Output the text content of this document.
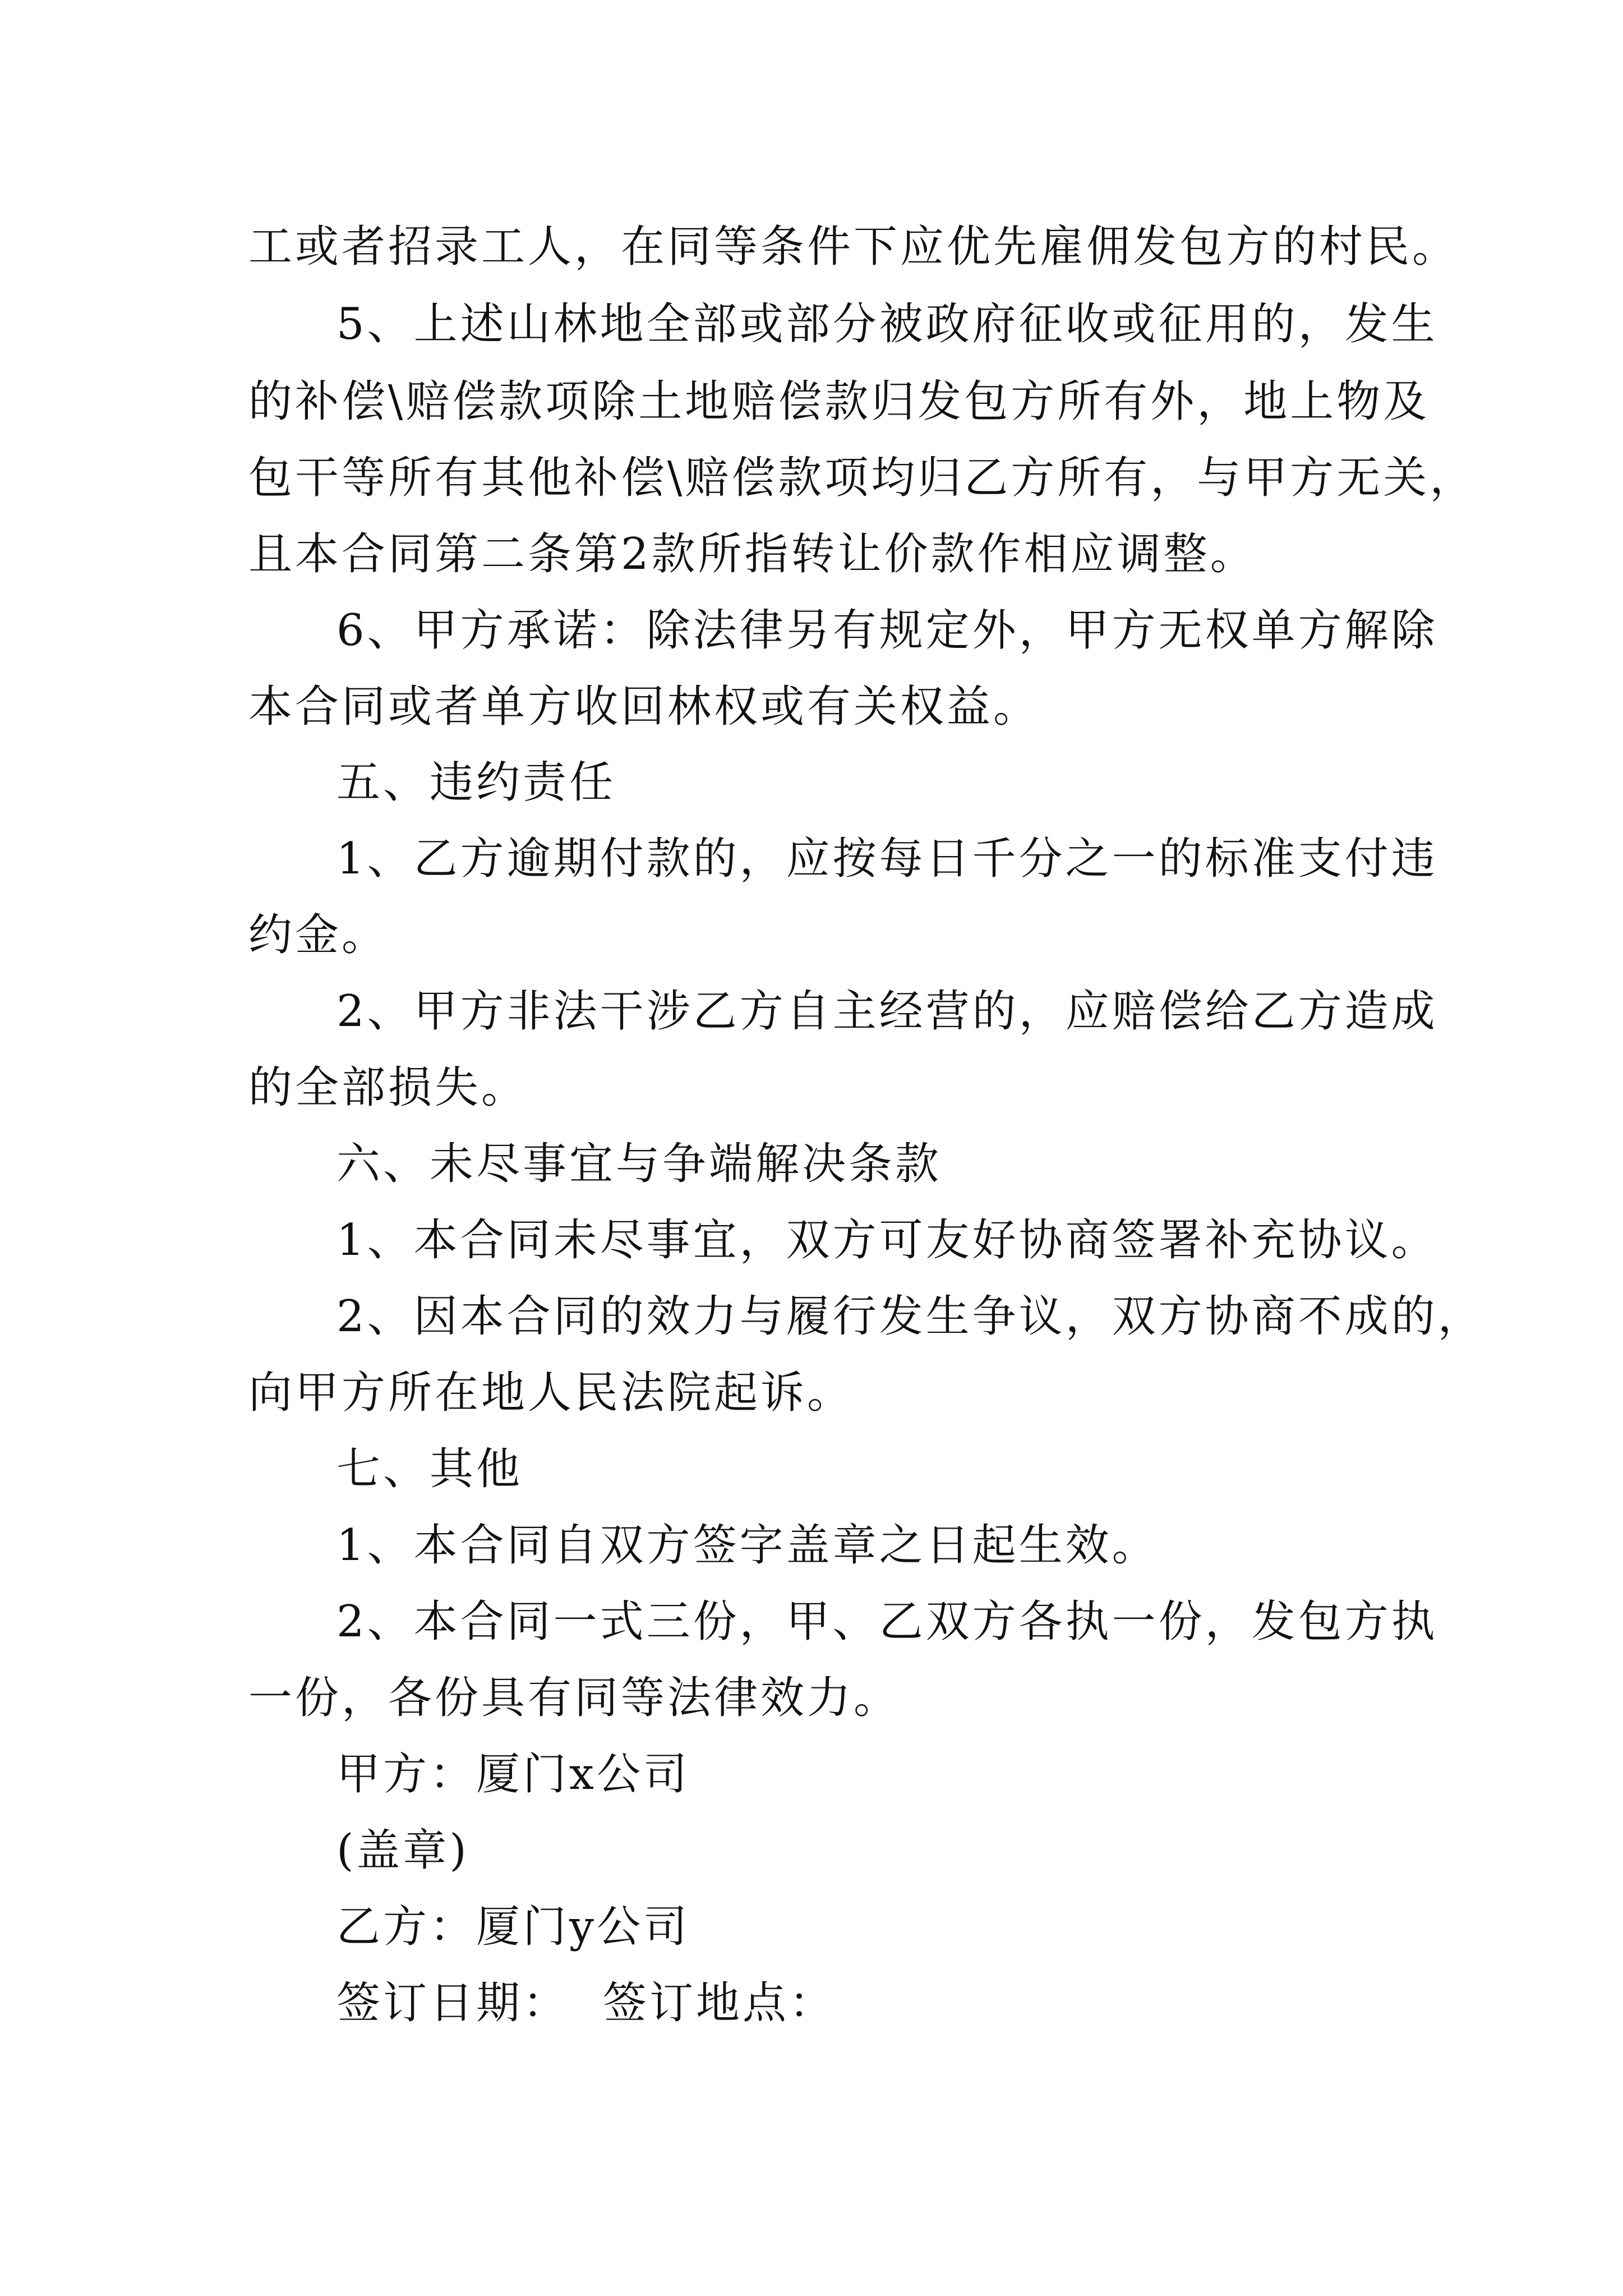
工或者招录工人，在同等条件下应优先雇佣发包方的村民。
5、上述山林地全部或部分被政府征收或征用的，发生
的补偿\赔偿款项除土地赔偿款归发包方所有外，地上物及
包干等所有其他补偿\赔偿款项均归乙方所有，与甲方无关，
且本合同第二条第2款所指转让价款作相应调整。
6、甲方承诺：除法律另有规定外，甲方无权单方解除
本合同或者单方收回林权或有关权益。
五、违约责任
1、乙方逾期付款的，应按每日千分之一的标准支付违
约金。
2、甲方非法干涉乙方自主经营的，应赔偿给乙方造成
的全部损失。
六、未尽事宜与争端解决条款
1、本合同未尽事宜，双方可友好协商签署补充协议。
2、因本合同的效力与履行发生争议，双方协商不成的，
向甲方所在地人民法院起诉。
七、其他
1、本合同自双方签字盖章之日起生效。
2、本合同一式三份，甲、乙双方各执一份，发包方执
一份，各份具有同等法律效力。
甲方：厦门x公司
(盖章)
乙方：厦门y公司
签订日期： 签订地点：
